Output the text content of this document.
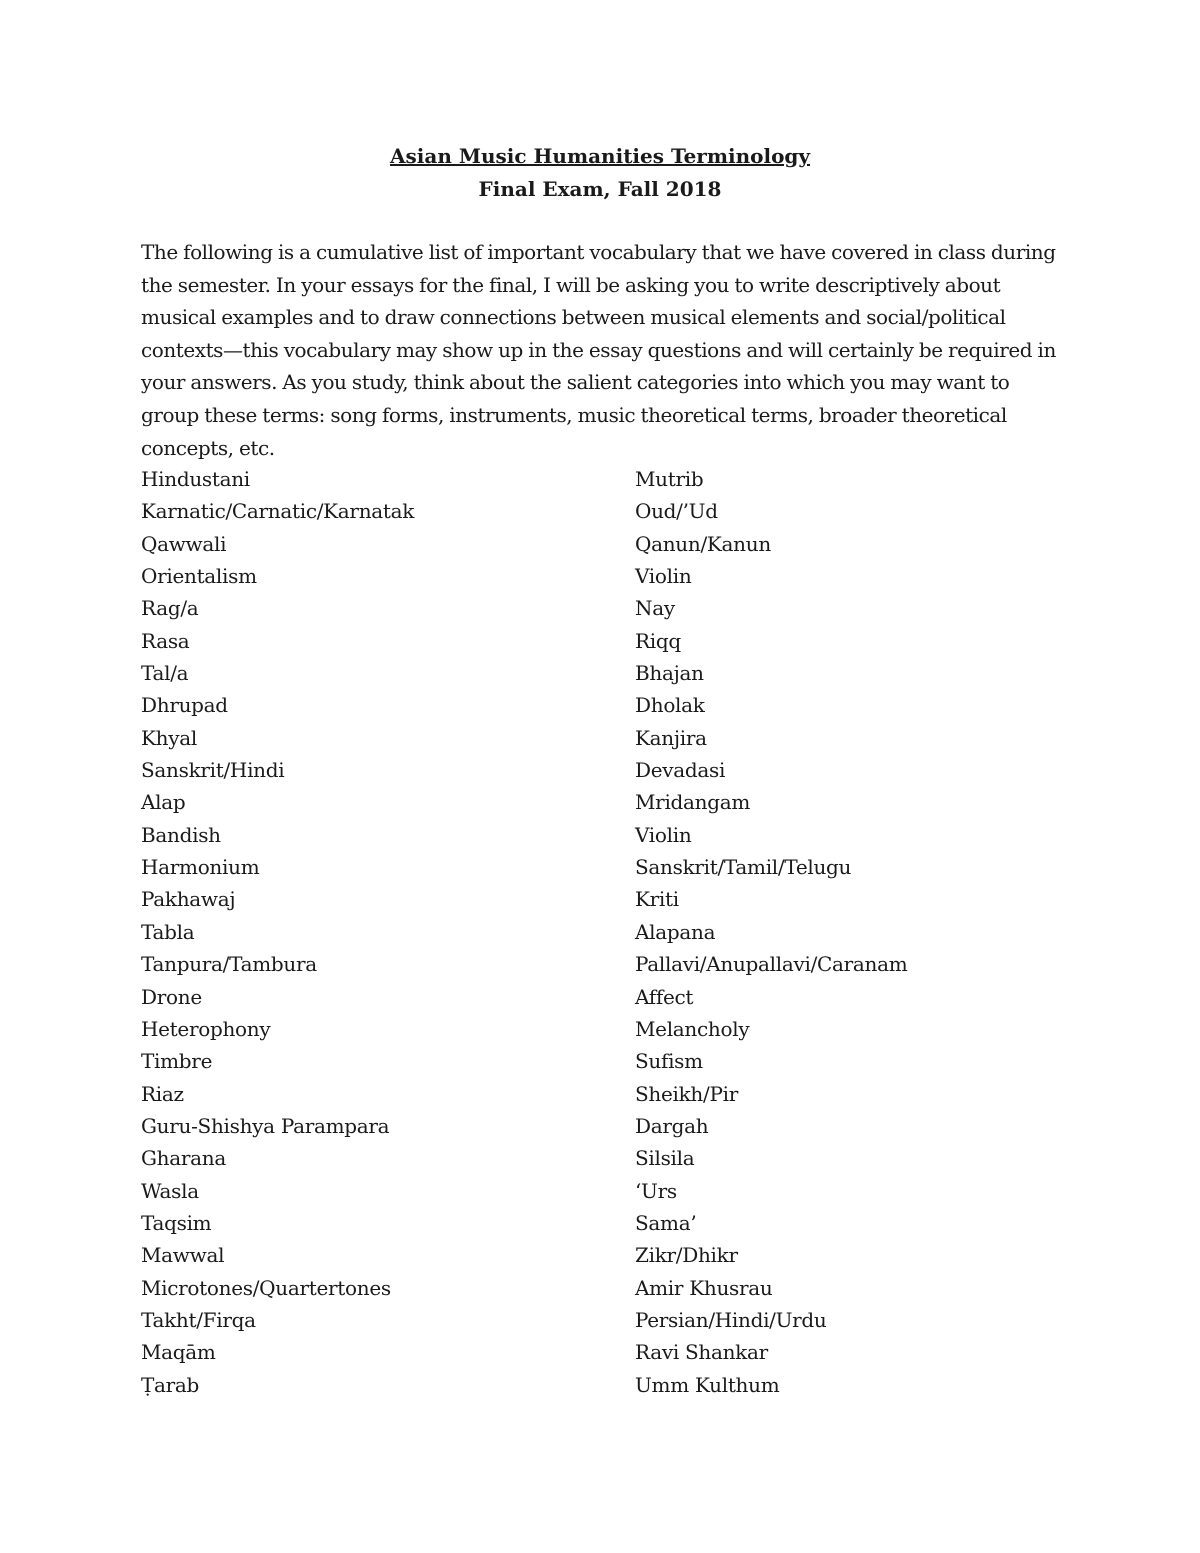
Asian Music Humanities Terminology
Final Exam, Fall 2018

The following is a cumulative list of important vocabulary that we have covered in class during the semester. In your essays for the final, I will be asking you to write descriptively about musical examples and to draw connections between musical elements and social/political contexts—this vocabulary may show up in the essay questions and will certainly be required in your answers. As you study, think about the salient categories into which you may want to group these terms: song forms, instruments, music theoretical terms, broader theoretical concepts, etc.

Hindustani
Karnatic/Carnatic/Karnatak
Qawwali
Orientalism
Rag/a
Rasa
Tal/a
Dhrupad
Khyal
Sanskrit/Hindi
Alap
Bandish
Harmonium
Pakhawaj
Tabla
Tanpura/Tambura
Drone
Heterophony
Timbre
Riaz
Guru-Shishya Parampara
Gharana
Wasla
Taqsim
Mawwal
Microtones/Quartertones
Takht/Firqa
Maqām
Ṭarab
Mutrib
Oud/’Ud
Qanun/Kanun
Violin
Nay
Riqq
Bhajan
Dholak
Kanjira
Devadasi
Mridangam
Violin
Sanskrit/Tamil/Telugu
Kriti
Alapana
Pallavi/Anupallavi/Caranam
Affect
Melancholy
Sufism
Sheikh/Pir
Dargah
Silsila
‘Urs
Sama’
Zikr/Dhikr
Amir Khusrau
Persian/Hindi/Urdu
Ravi Shankar
Umm Kulthum
